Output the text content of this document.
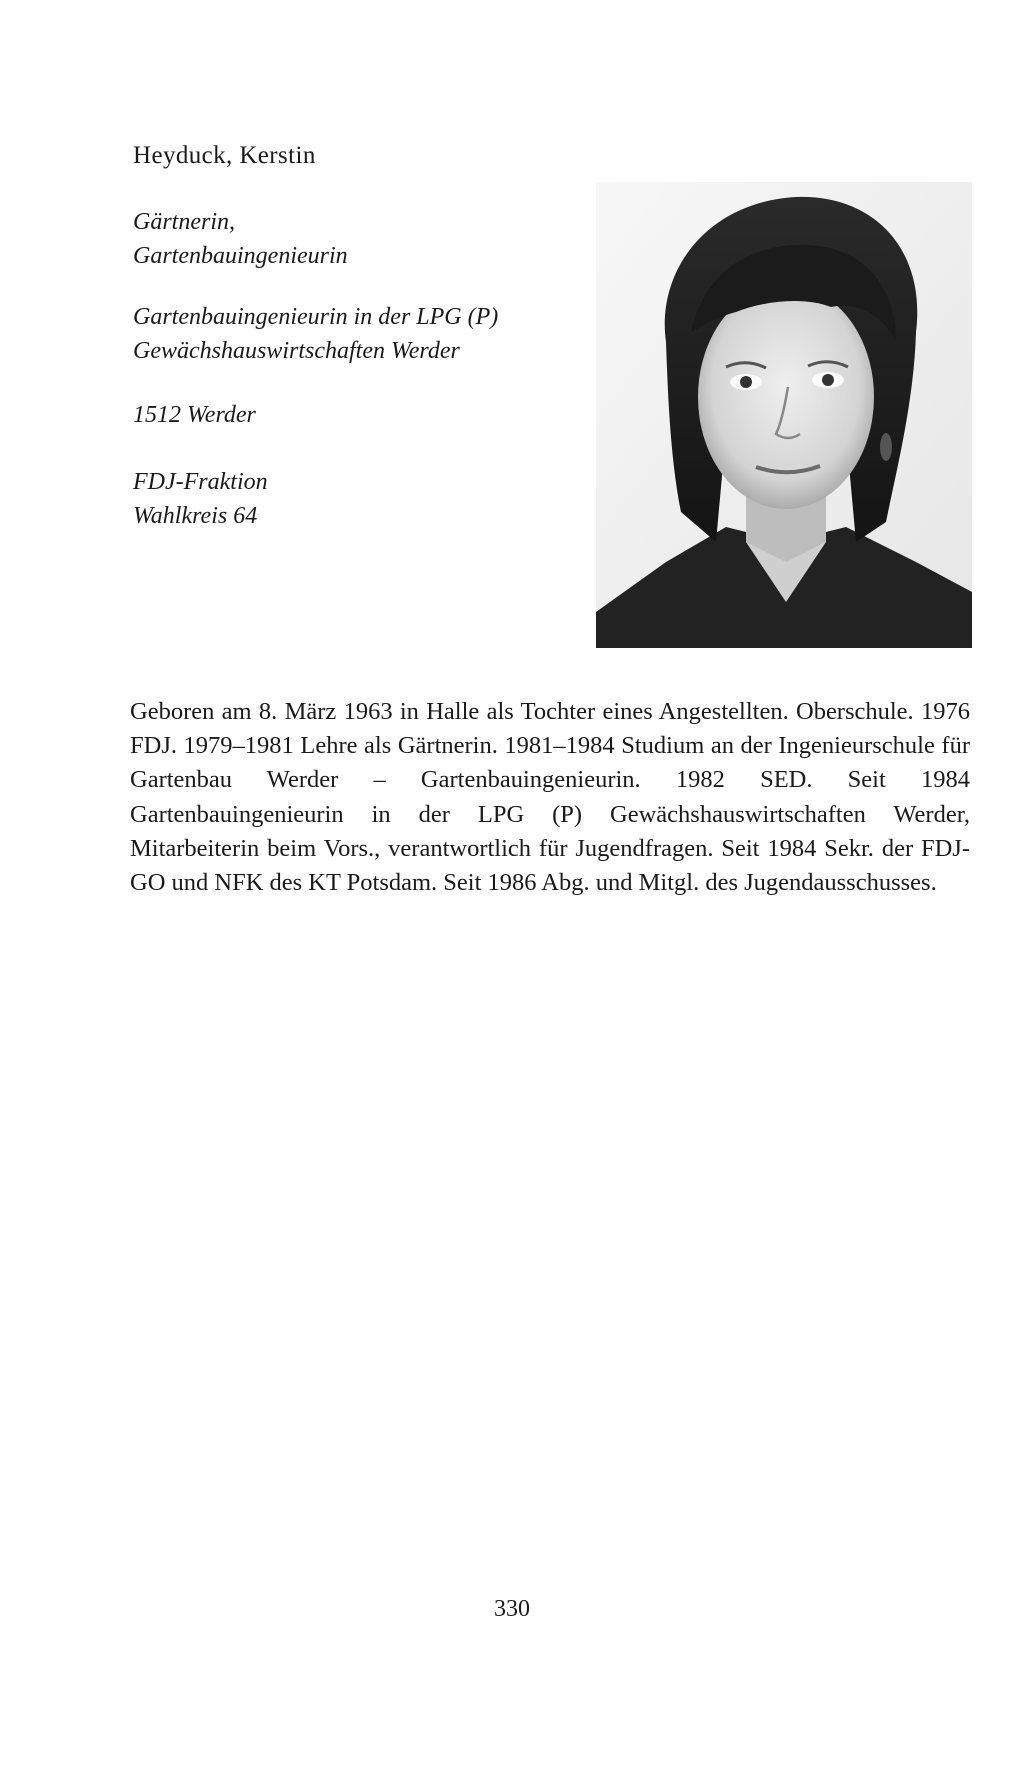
Heyduck, Kerstin
Gärtnerin,
Gartenbauingenieurin
Gartenbauingenieurin in der LPG (P)
Gewächshauswirtschaften Werder
1512 Werder
FDJ-Fraktion
Wahlkreis 64
Geboren am 8. März 1963 in Halle als Tochter eines Angestellten. Oberschule. 1976 FDJ. 1979–1981 Lehre als Gärtnerin. 1981–1984 Studium an der Ingenieurschule für Gartenbau Werder – Gartenbauingenieurin. 1982 SED. Seit 1984 Gartenbauingenieurin in der LPG (P) Gewächshauswirtschaften Werder, Mitarbeiterin beim Vors., verantwortlich für Jugendfragen. Seit 1984 Sekr. der FDJ-GO und NFK des KT Potsdam. Seit 1986 Abg. und Mitgl. des Jugendausschusses.
330
